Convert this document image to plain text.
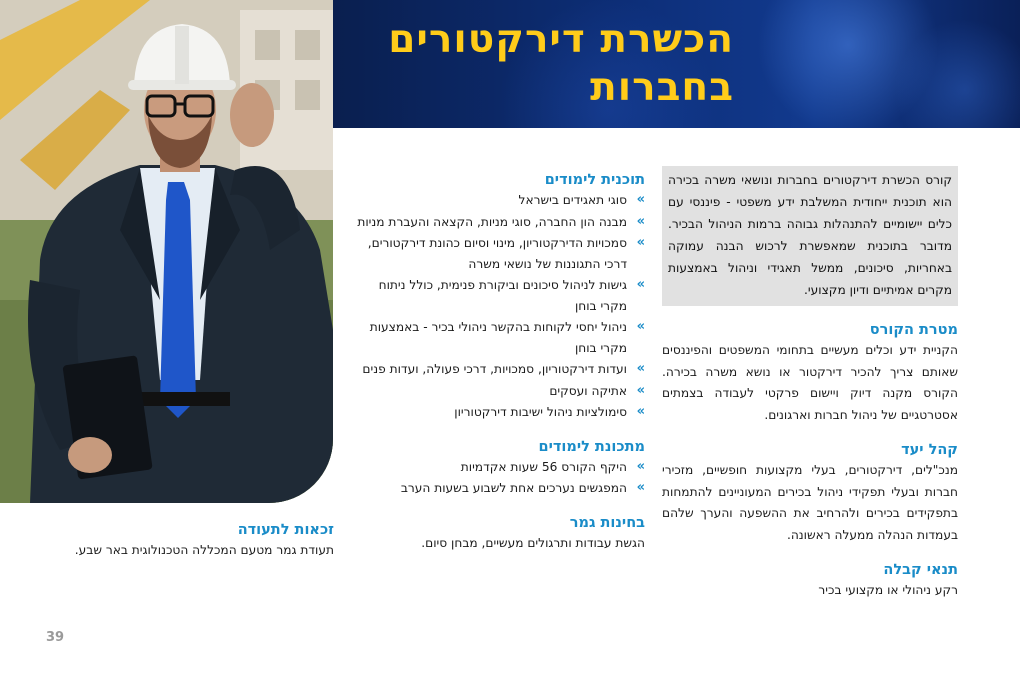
הכשרת דירקטורים
בחברות
קורס הכשרת דירקטורים בחברות ונושאי משרה בכירה הוא תוכנית ייחודית המשלבת ידע משפטי - פיננסי עם כלים יישומיים להתנהלות גבוהה ברמות הניהול הבכיר. מדובר בתוכנית שמאפשרת לרכוש הבנה עמוקה באחריות, סיכונים, ממשל תאגידי וניהול באמצעות מקרים אמיתיים ודיון מקצועי.
מטרת הקורס
הקניית ידע וכלים מעשיים בתחומי המשפטים והפיננסים שאותם צריך להכיר דירקטור או נושא משרה בכירה. הקורס מקנה דיוק ויישום פרקטי לעבודה בצמתים אסטרטגיים של ניהול חברות וארגונים.
קהל יעד
מנכ"לים, דירקטורים, בעלי מקצועות חופשיים, מזכירי חברות ובעלי תפקידי ניהול בכירים המעוניינים להתמחות בתפקידים בכירים ולהרחיב את ההשפעה והערך שלהם בעמדות הנהלה ממעלה ראשונה.
תנאי קבלה
רקע ניהולי או מקצועי בכיר
תוכנית לימודים
»
סוגי תאגידים בישראל
»
מבנה הון החברה, סוגי מניות, הקצאה והעברת מניות
»
סמכויות הדירקטוריון, מינוי וסיום כהונת דירקטורים, דרכי התגוננות של נושאי משרה
»
גישות לניהול סיכונים וביקורת פנימית, כולל ניתוח מקרי בוחן
»
ניהול יחסי לקוחות בהקשר ניהולי בכיר - באמצעות מקרי בוחן
»
ועדות דירקטוריון, סמכויות, דרכי פעולה, ועדות פנים
»
אתיקה ועסקים
»
סימולציות ניהול ישיבות דירקטוריון
מתכונת לימודים
»
היקף הקורס 56 שעות אקדמיות
»
המפגשים נערכים אחת לשבוע בשעות הערב
בחינות גמר
הגשת עבודות ותרגולים מעשיים, מבחן סיום.
זכאות לתעודה
תעודת גמר מטעם המכללה הטכנולוגית באר שבע.
39
